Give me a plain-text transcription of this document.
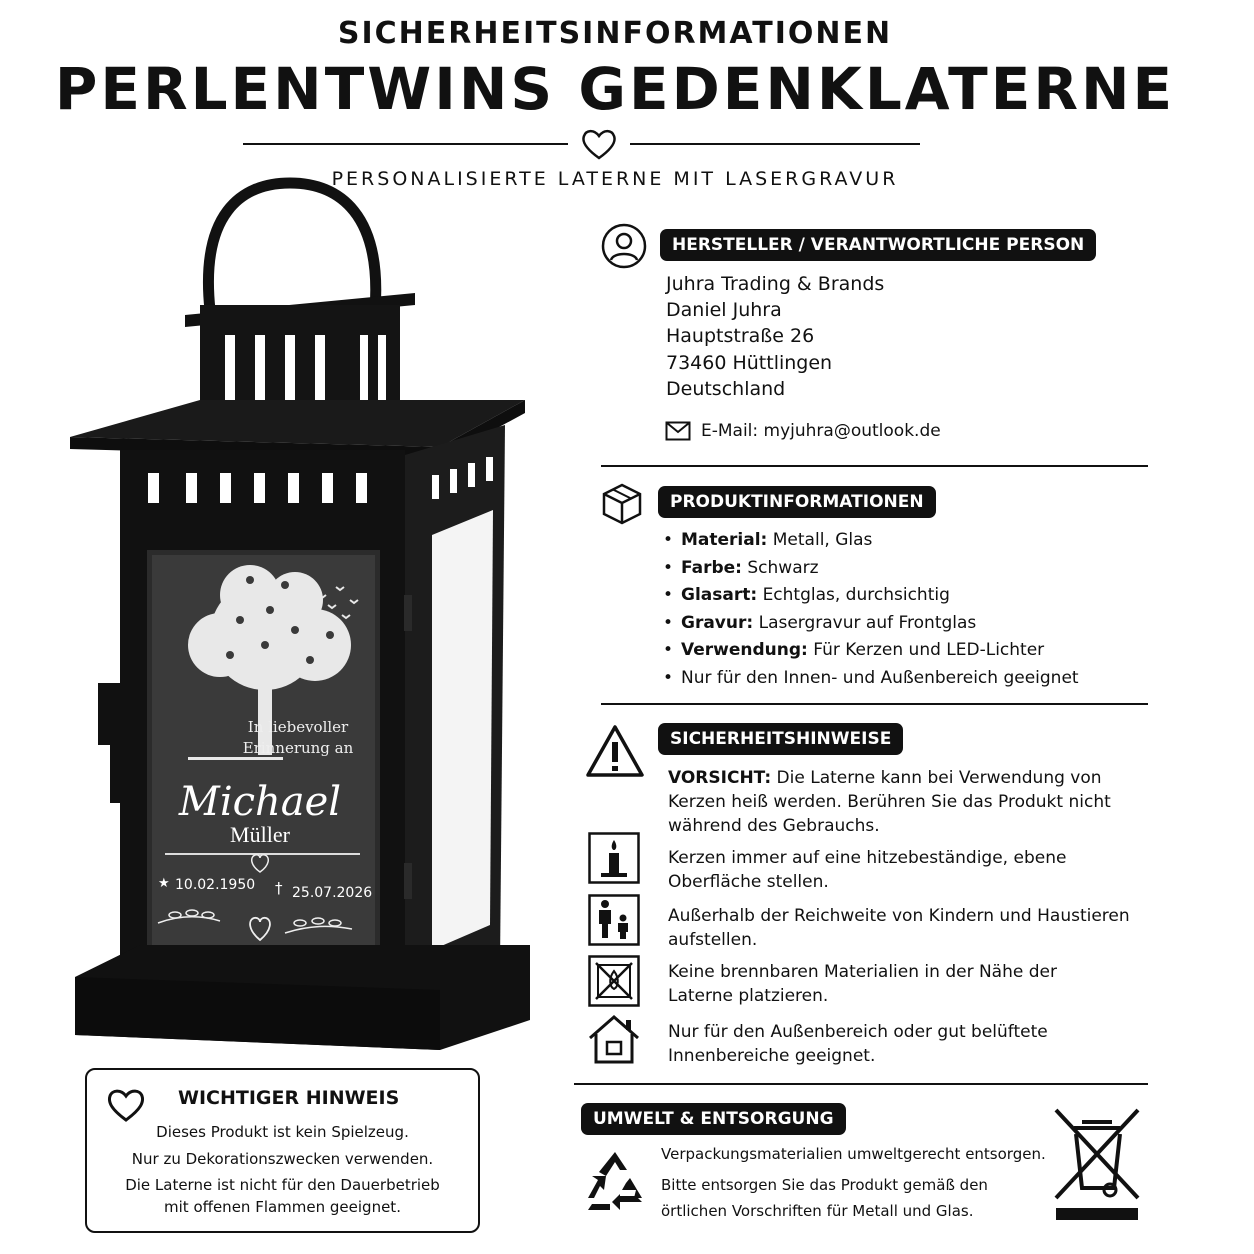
SICHERHEITSINFORMATIONEN
PERLENTWINS GEDENKLATERNE
PERSONALISIERTE LATERNE MIT LASERGRAVUR
In liebevoller
Erinnerung an
Michael
Müller
★ 10.02.1950 † 25.07.2026
HERSTELLER / VERANTWORTLICHE PERSON
Juhra Trading & Brands
Daniel Juhra
Hauptstraße 26
73460 Hüttlingen
Deutschland
E-Mail: myjuhra@outlook.de
PRODUKTINFORMATIONEN
• Material: Metall, Glas
• Farbe: Schwarz
• Glasart: Echtglas, durchsichtig
• Gravur: Lasergravur auf Frontglas
• Verwendung: Für Kerzen und LED-Lichter
• Nur für den Innen- und Außenbereich geeignet
SICHERHEITSHINWEISE
VORSICHT: Die Laterne kann bei Verwendung von
Kerzen heiß werden. Berühren Sie das Produkt nicht
während des Gebrauchs.
Kerzen immer auf eine hitzebeständige, ebene
Oberfläche stellen.
Außerhalb der Reichweite von Kindern und Haustieren
aufstellen.
Keine brennbaren Materialien in der Nähe der
Laterne platzieren.
Nur für den Außenbereich oder gut belüftete
Innenbereiche geeignet.
WICHTIGER HINWEIS
Dieses Produkt ist kein Spielzeug.
Nur zu Dekorationszwecken verwenden.
Die Laterne ist nicht für den Dauerbetrieb
mit offenen Flammen geeignet.
UMWELT & ENTSORGUNG
Verpackungsmaterialien umweltgerecht entsorgen.
Bitte entsorgen Sie das Produkt gemäß den
örtlichen Vorschriften für Metall und Glas.
